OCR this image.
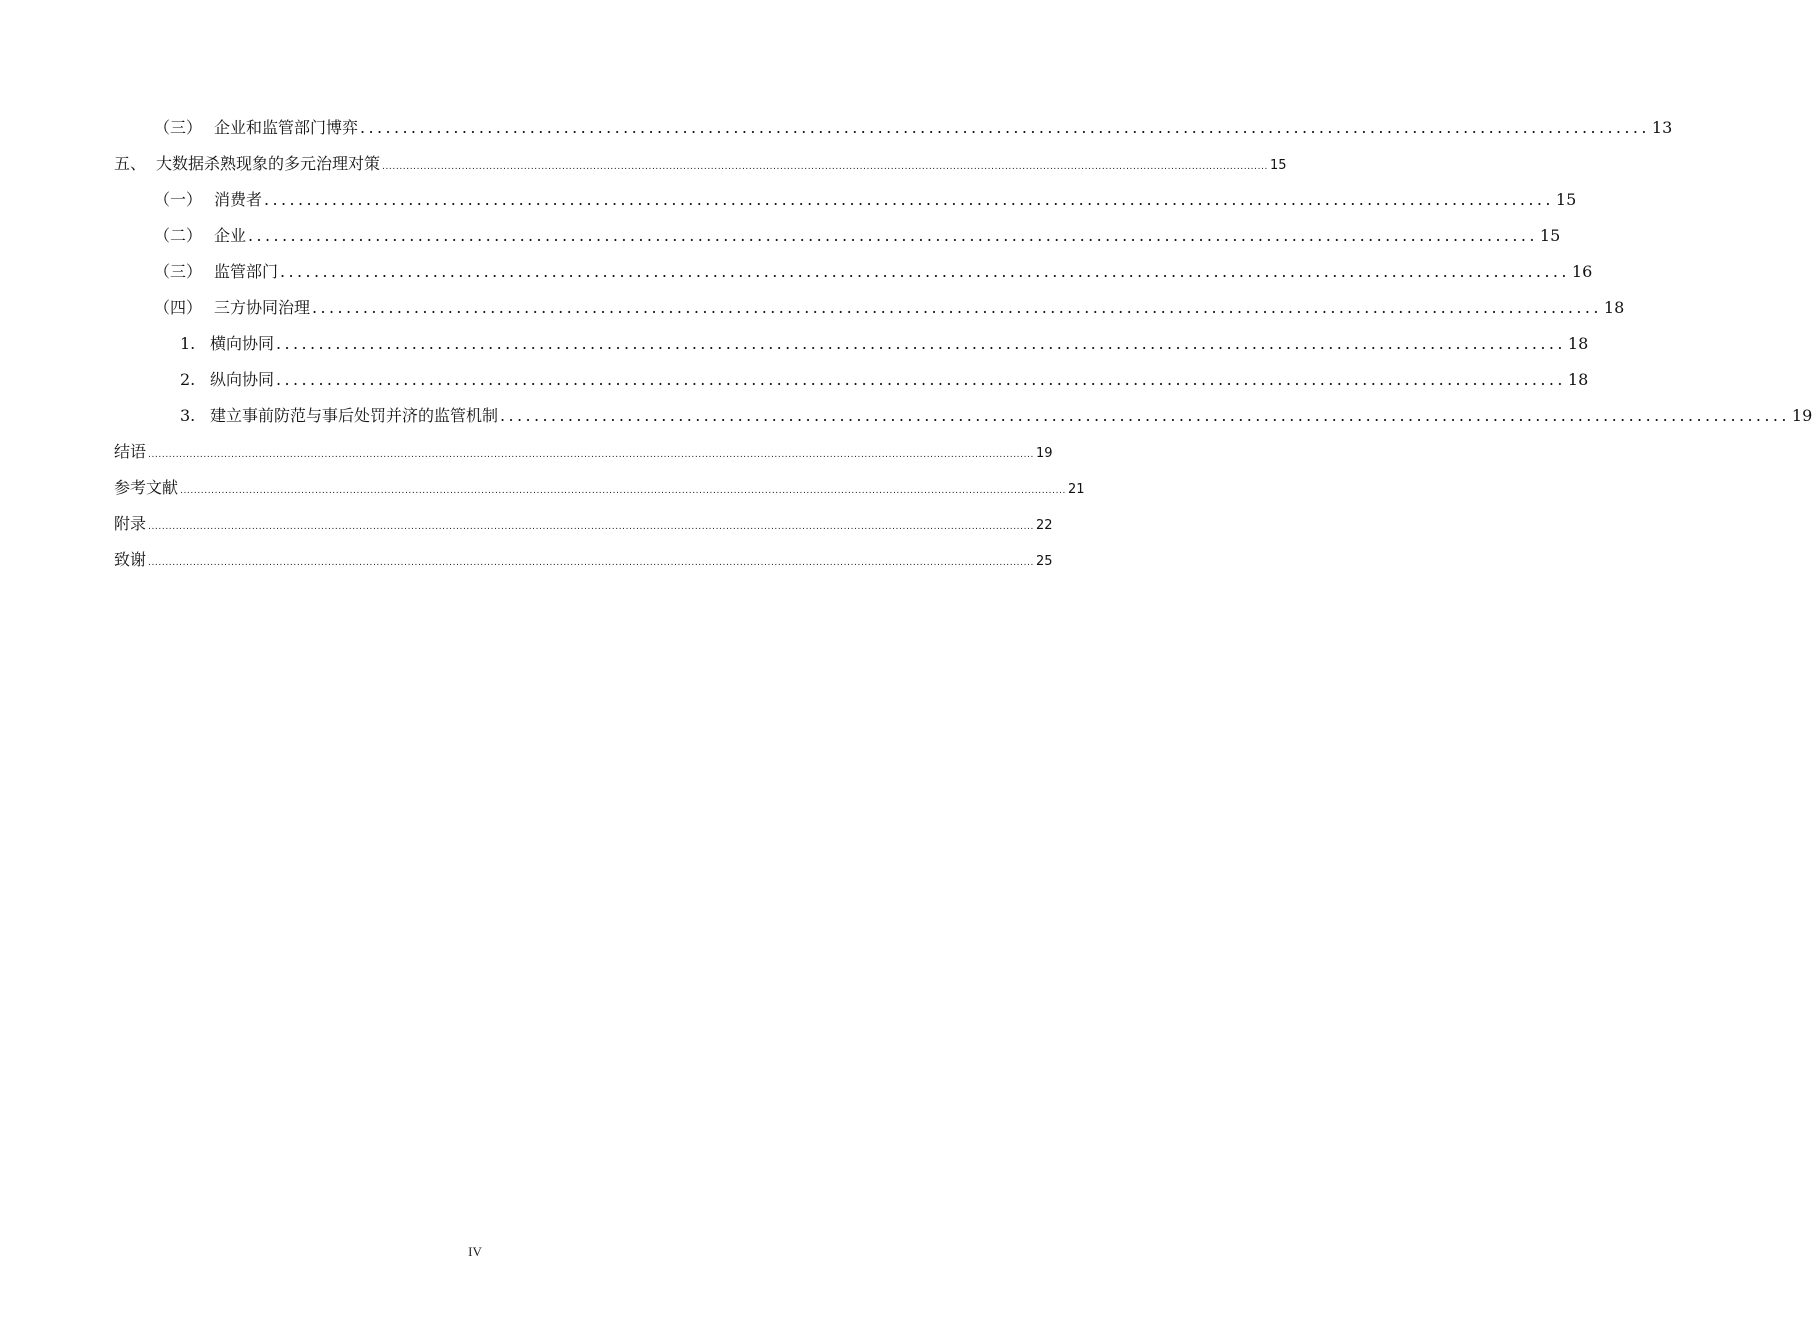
（三） 企业和监管部门博弈 ........................................................................................................................................................ 13
五、 大数据杀熟现象的多元治理对策 ................................................................................................................................................................................................................................................................ 15
（一） 消费者 ........................................................................................................................................................ 15
（二） 企业 ........................................................................................................................................................ 15
（三） 监管部门 ........................................................................................................................................................ 16
（四） 三方协同治理 ........................................................................................................................................................ 18
1. 横向协同 ........................................................................................................................................................ 18
2. 纵向协同 ........................................................................................................................................................ 18
3. 建立事前防范与事后处罚并济的监管机制 ........................................................................................................................................................ 19
结语 ................................................................................................................................................................................................................................................................ 19
参考文献 ................................................................................................................................................................................................................................................................ 21
附录 ................................................................................................................................................................................................................................................................ 22
致谢 ................................................................................................................................................................................................................................................................ 25
IV
